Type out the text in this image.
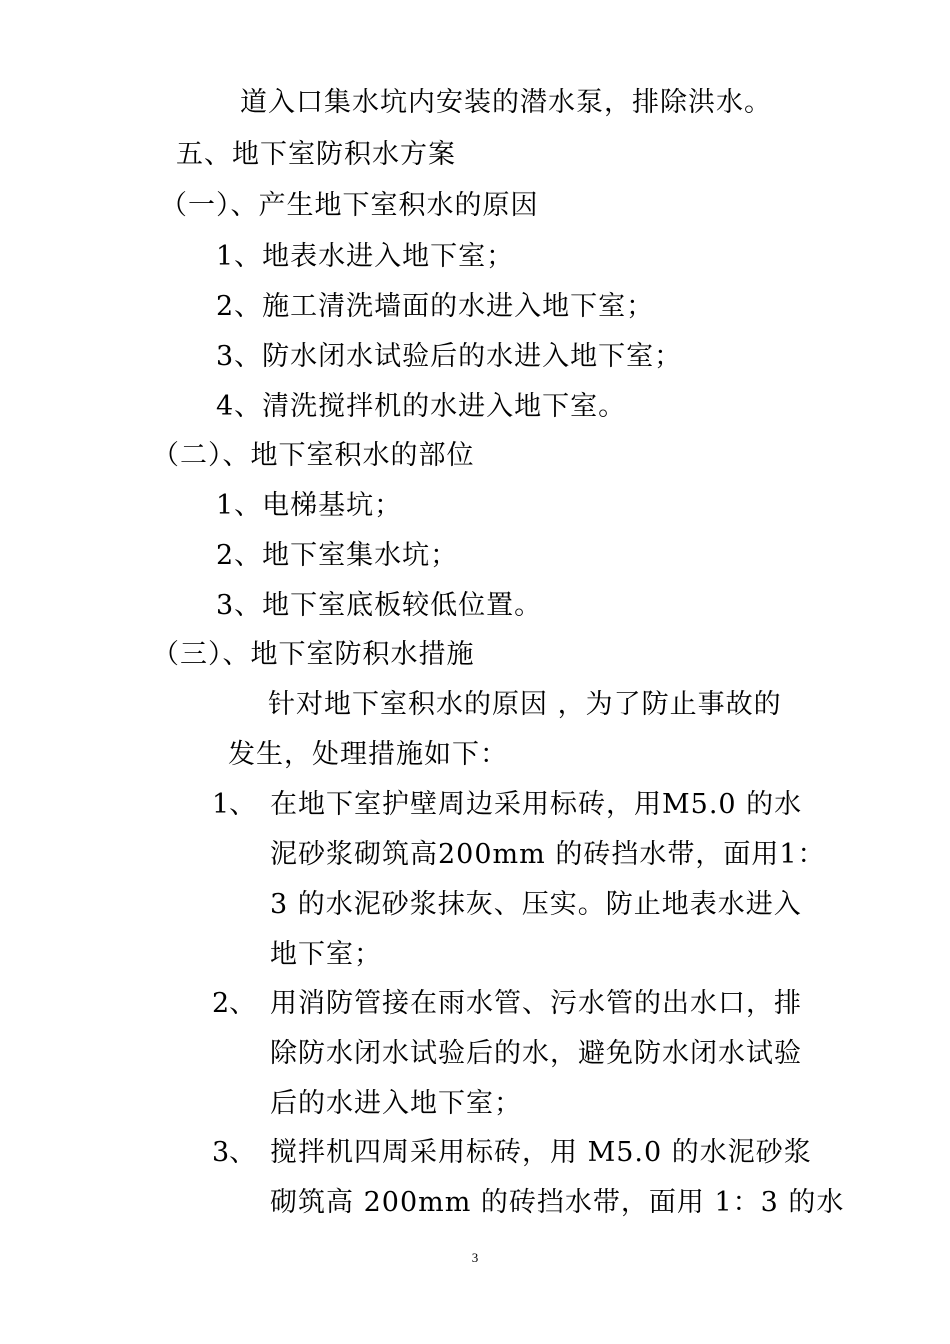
道入口集水坑内安装的潜水泵，排除洪水。

五、地下室防积水方案

（一）、产生地下室积水的原因

1、地表水进入地下室；

2、施工清洗墙面的水进入地下室；

3、防水闭水试验后的水进入地下室；

4、清洗搅拌机的水进入地下室。

（二）、地下室积水的部位

1、电梯基坑；

2、地下室集水坑；

3、地下室底板较低位置。

（三）、地下室防积水措施

针对地下室积水的原因 ，为了防止事故的

发生，处理措施如下：

1、 在地下室护壁周边采用标砖，用M5.0 的水

泥砂浆砌筑高200mm 的砖挡水带，面用1：

3 的水泥砂浆抹灰、压实。防止地表水进入

地下室；

2、 用消防管接在雨水管、污水管的出水口，排

除防水闭水试验后的水，避免防水闭水试验

后的水进入地下室；

3、 搅拌机四周采用标砖，用 M5.0 的水泥砂浆

砌筑高 200mm 的砖挡水带，面用 1：3 的水

3
